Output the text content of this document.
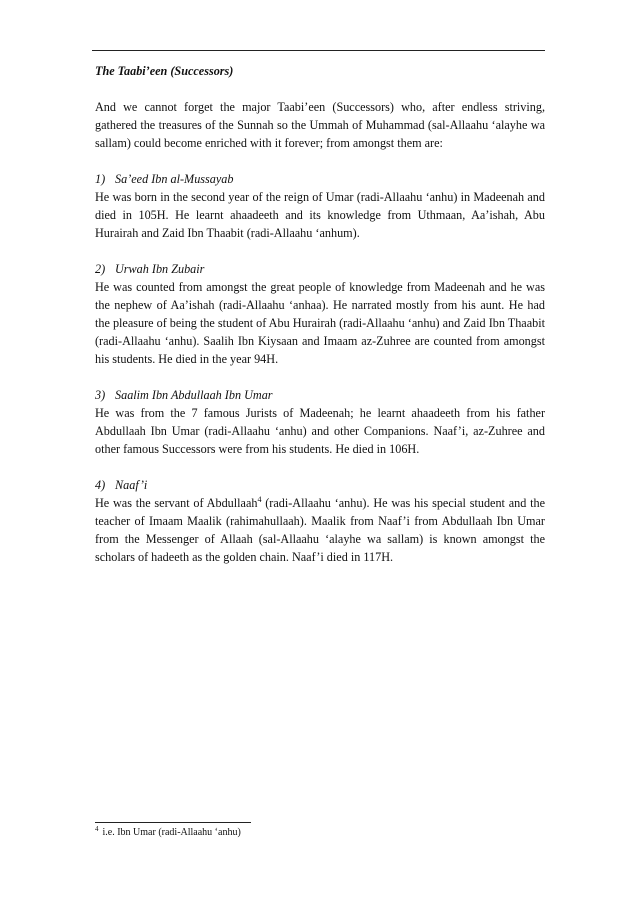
The Taabi’een (Successors)

And we cannot forget the major Taabi’een (Successors) who, after endless striving, gathered the treasures of the Sunnah so the Ummah of Muhammad (sal-Allaahu ‘alayhe wa sallam) could become enriched with it forever; from amongst them are:

1) Sa’eed Ibn al-Mussayab

He was born in the second year of the reign of Umar (radi-Allaahu ‘anhu) in Madeenah and died in 105H. He learnt ahaadeeth and its knowledge from Uthmaan, Aa’ishah, Abu Hurairah and Zaid Ibn Thaabit (radi-Allaahu ‘anhum).

2) Urwah Ibn Zubair

He was counted from amongst the great people of knowledge from Madeenah and he was the nephew of Aa’ishah (radi-Allaahu ‘anhaa). He narrated mostly from his aunt. He had the pleasure of being the student of Abu Hurairah (radi-Allaahu ‘anhu) and Zaid Ibn Thaabit (radi-Allaahu ‘anhu). Saalih Ibn Kiysaan and Imaam az-Zuhree are counted from amongst his students. He died in the year 94H.

3) Saalim Ibn Abdullaah Ibn Umar

He was from the 7 famous Jurists of Madeenah; he learnt ahaadeeth from his father Abdullaah Ibn Umar (radi-Allaahu ‘anhu) and other Companions. Naaf’i, az-Zuhree and other famous Successors were from his students. He died in 106H.

4) Naaf’i

He was the servant of Abdullaah$^4$ (radi-Allaahu ‘anhu). He was his special student and the teacher of Imaam Maalik (rahimahullaah). Maalik from Naaf’i from Abdullaah Ibn Umar from the Messenger of Allaah (sal-Allaahu ‘alayhe wa sallam) is known amongst the scholars of hadeeth as the golden chain. Naaf’i died in 117H.

$^4$ i.e. Ibn Umar (radi-Allaahu ‘anhu)
